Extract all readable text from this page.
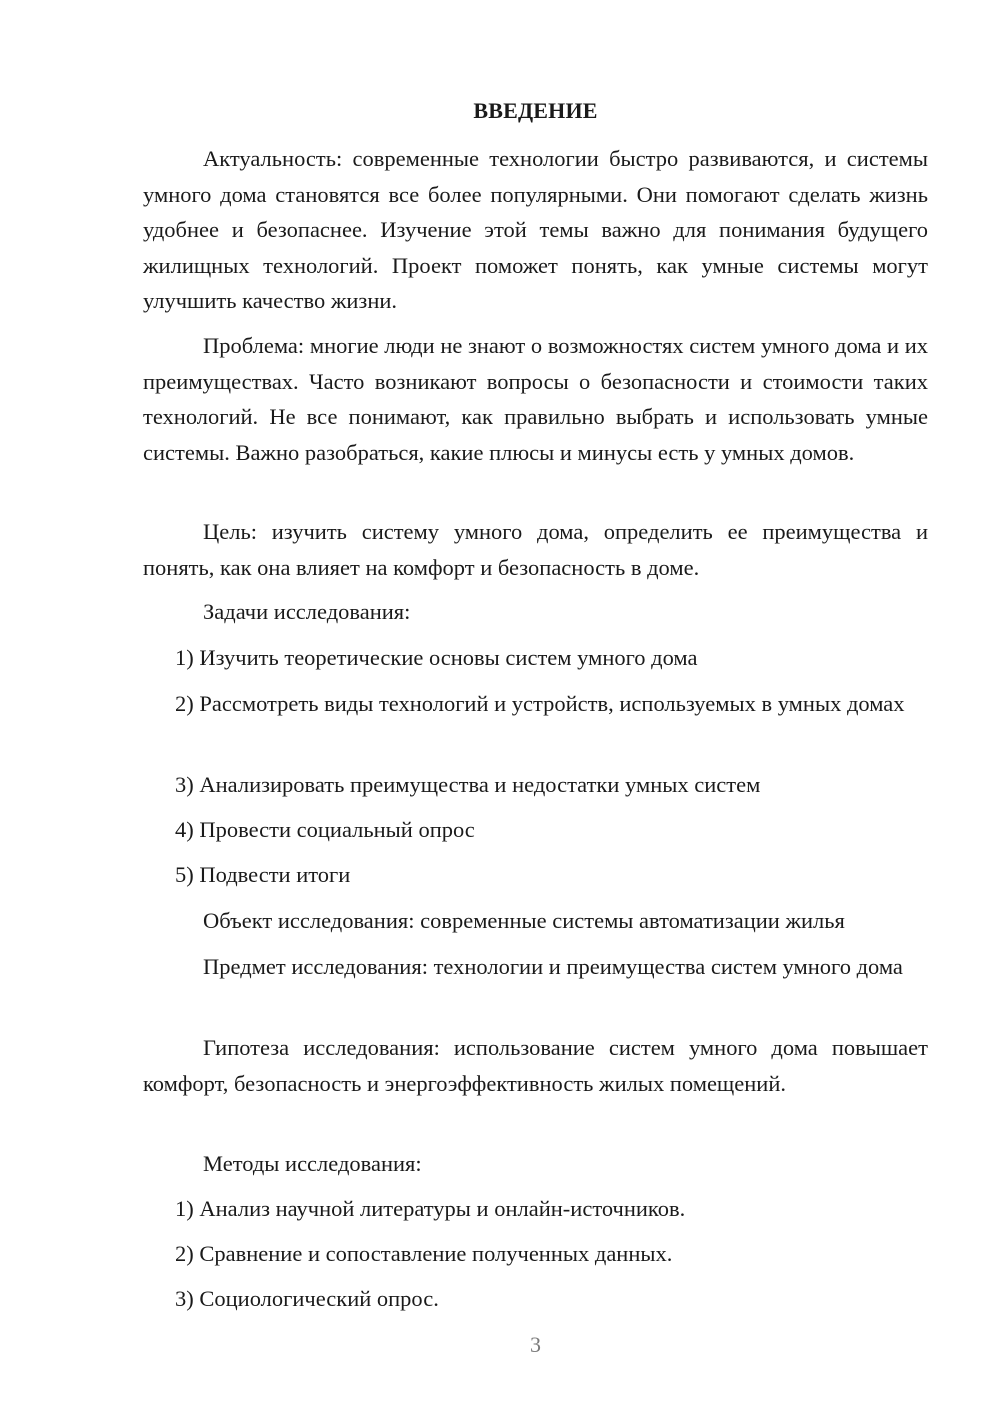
ВВЕДЕНИЕ

Актуальность: современные технологии быстро развиваются, и системы умного дома становятся все более популярными. Они помогают сделать жизнь удобнее и безопаснее. Изучение этой темы важно для понимания будущего жилищных технологий. Проект поможет понять, как умные системы могут улучшить качество жизни.

Проблема: многие люди не знают о возможностях систем умного дома и их преимуществах. Часто возникают вопросы о безопасности и стоимости таких технологий. Не все понимают, как правильно выбрать и использовать умные системы. Важно разобраться, какие плюсы и минусы есть у умных домов.

Цель: изучить систему умного дома, определить ее преимущества и понять, как она влияет на комфорт и безопасность в доме.

Задачи исследования:

1) Изучить теоретические основы систем умного дома

2) Рассмотреть виды технологий и устройств, используемых в умных домах

3) Анализировать преимущества и недостатки умных систем

4) Провести социальный опрос

5) Подвести итоги

Объект исследования: современные системы автоматизации жилья

Предмет исследования: технологии и преимущества систем умного дома

Гипотеза исследования: использование систем умного дома повышает комфорт, безопасность и энергоэффективность жилых помещений.

Методы исследования:

1) Анализ научной литературы и онлайн-источников.

2) Сравнение и сопоставление полученных данных.

3) Социологический опрос.

3
